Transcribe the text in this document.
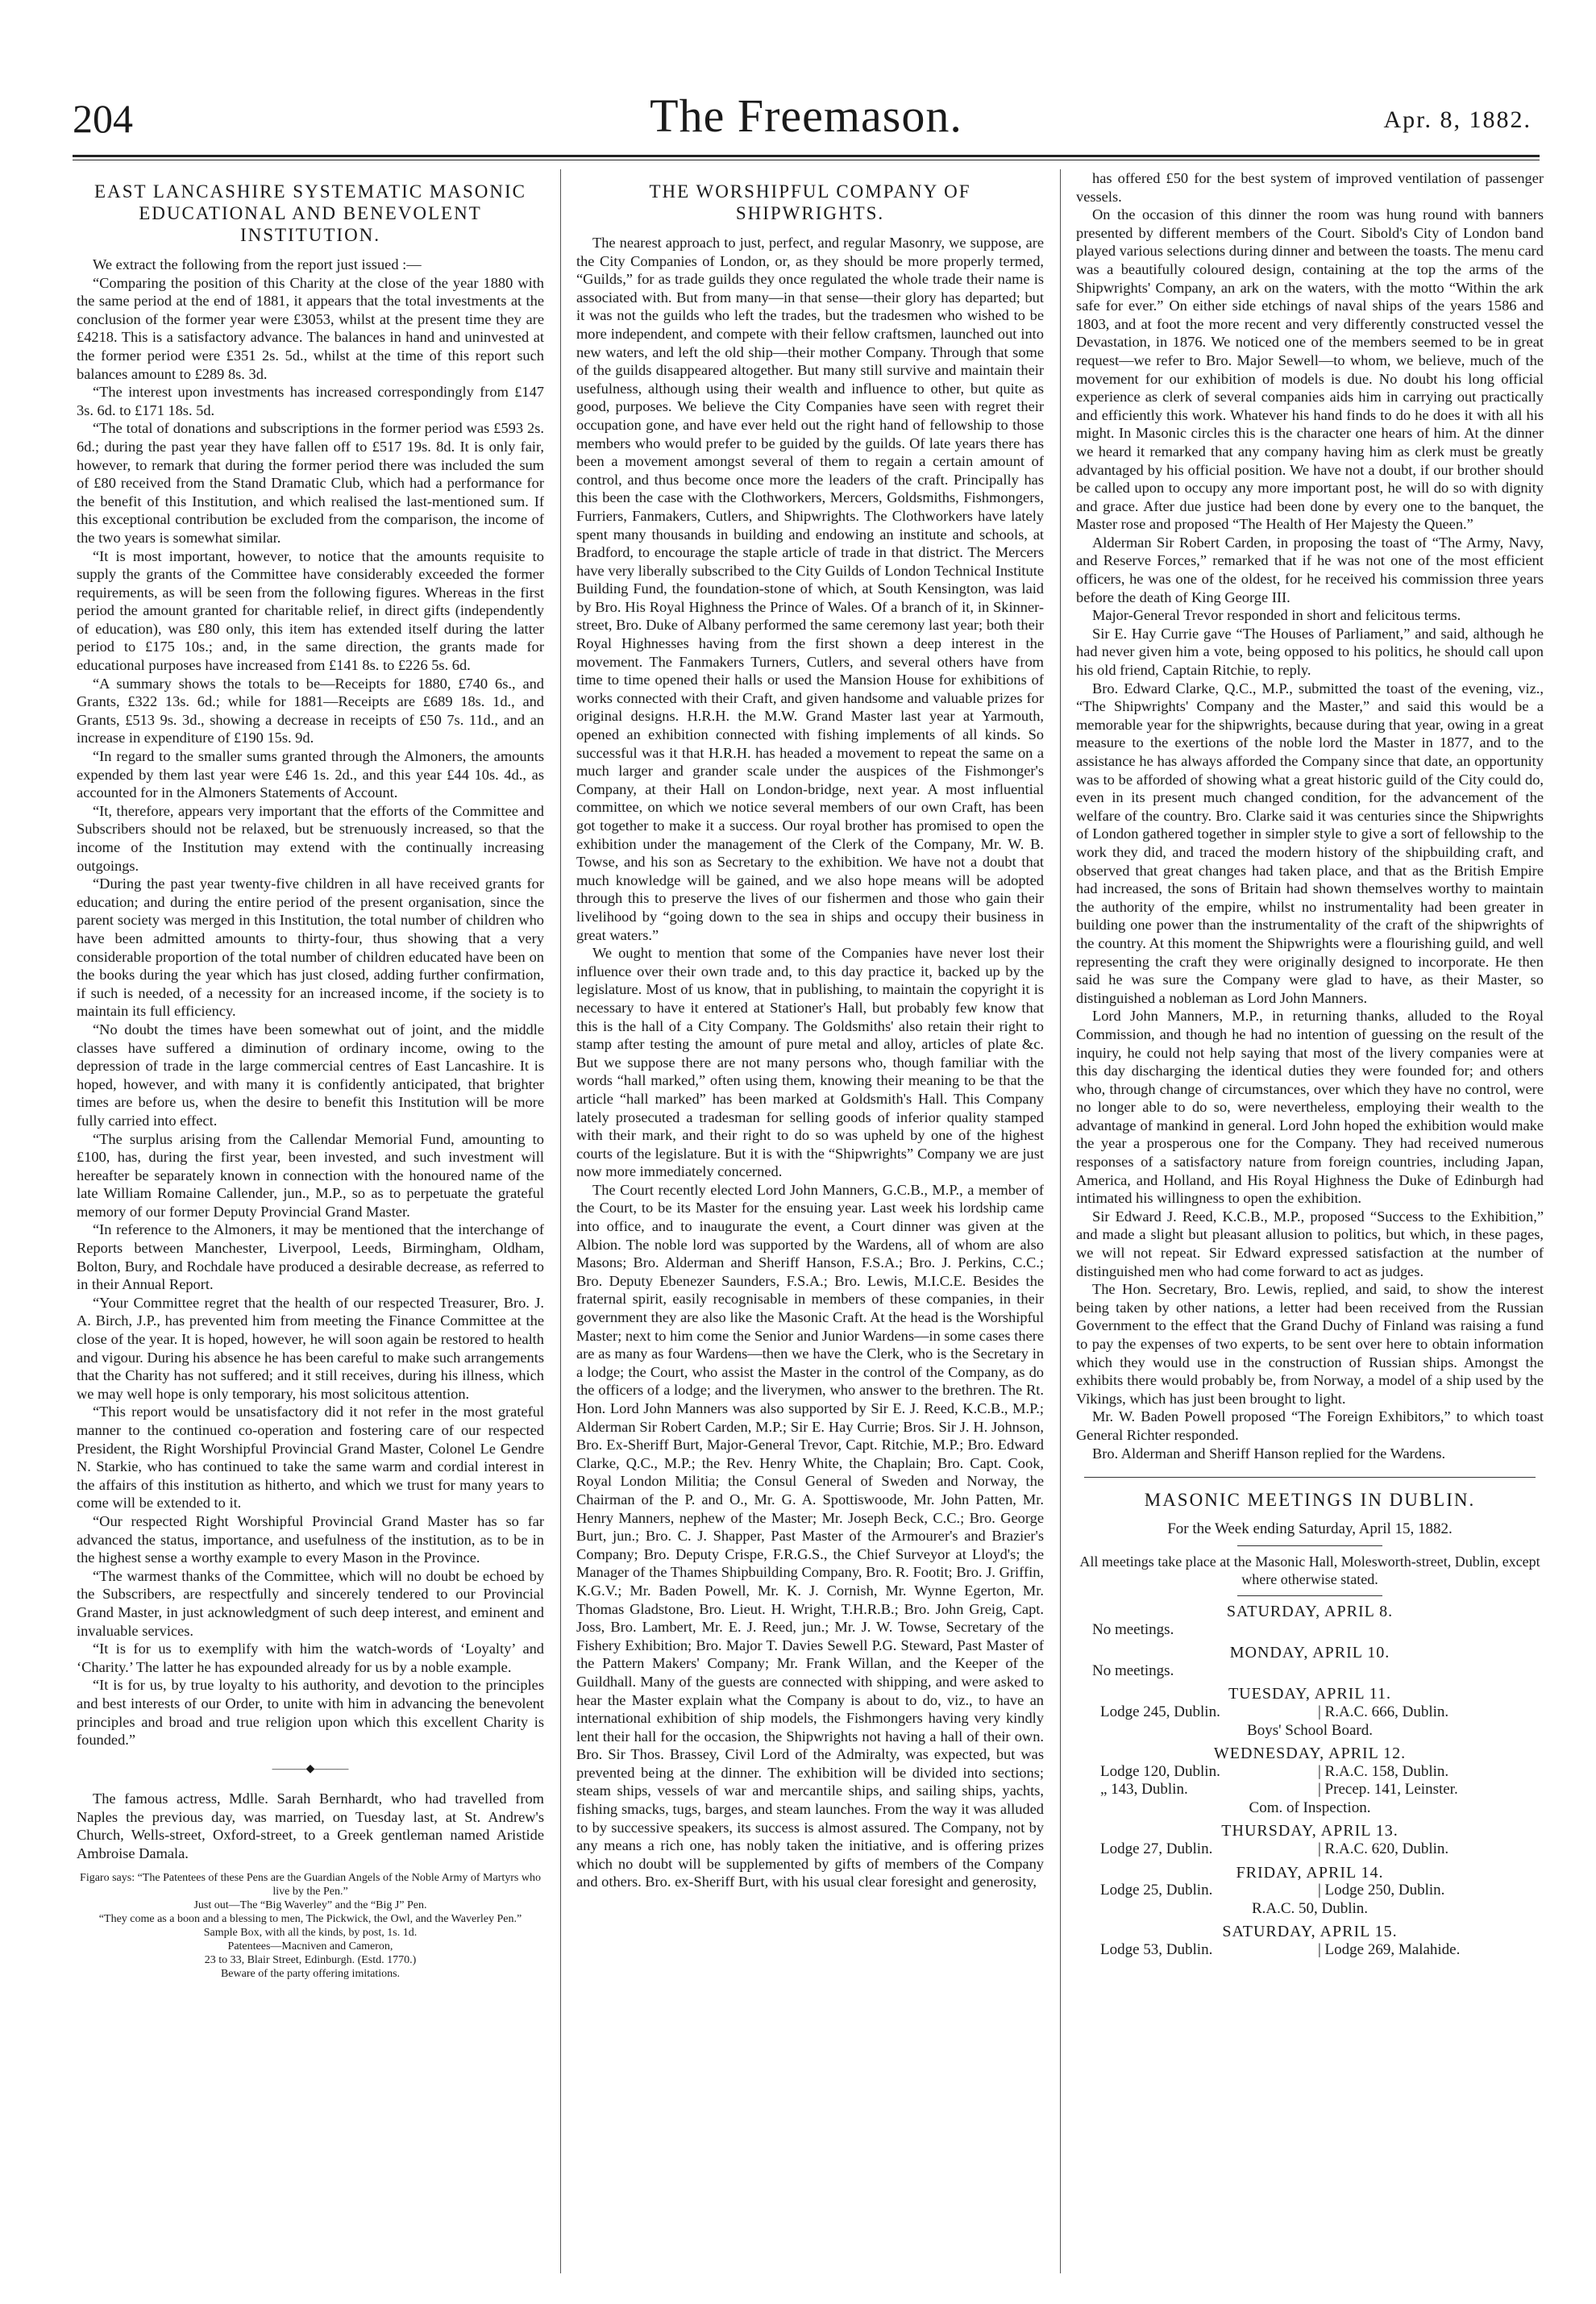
204	The Freemason.	Apr. 8, 1882.
EAST LANCASHIRE SYSTEMATIC MASONIC EDUCATIONAL AND BENEVOLENT INSTITUTION.

We extract the following from the report just issued :—

“Comparing the position of this Charity at the close of the year 1880 with the same period at the end of 1881, it appears that the total investments at the conclusion of the former year were £3053, whilst at the present time they are £4218. This is a satisfactory advance. The balances in hand and uninvested at the former period were £351 2s. 5d., whilst at the time of this report such balances amount to £289 8s. 3d.

“The interest upon investments has increased correspondingly from £147 3s. 6d. to £171 18s. 5d.

“The total of donations and subscriptions in the former period was £593 2s. 6d.; during the past year they have fallen off to £517 19s. 8d. It is only fair, however, to remark that during the former period there was included the sum of £80 received from the Stand Dramatic Club, which had a performance for the benefit of this Institution, and which realised the last-mentioned sum. If this exceptional contribution be excluded from the comparison, the income of the two years is somewhat similar.

“It is most important, however, to notice that the amounts requisite to supply the grants of the Committee have considerably exceeded the former requirements, as will be seen from the following figures. Whereas in the first period the amount granted for charitable relief, in direct gifts (independently of education), was £80 only, this item has extended itself during the latter period to £175 10s.; and, in the same direction, the grants made for educational purposes have increased from £141 8s. to £226 5s. 6d.

“A summary shows the totals to be—Receipts for 1880, £740 6s., and Grants, £322 13s. 6d.; while for 1881—Receipts are £689 18s. 1d., and Grants, £513 9s. 3d., showing a decrease in receipts of £50 7s. 11d., and an increase in expenditure of £190 15s. 9d.

“In regard to the smaller sums granted through the Almoners, the amounts expended by them last year were £46 1s. 2d., and this year £44 10s. 4d., as accounted for in the Almoners Statements of Account.

“It, therefore, appears very important that the efforts of the Committee and Subscribers should not be relaxed, but be strenuously increased, so that the income of the Institution may extend with the continually increasing outgoings.

“During the past year twenty-five children in all have received grants for education; and during the entire period of the present organisation, since the parent society was merged in this Institution, the total number of children who have been admitted amounts to thirty-four, thus showing that a very considerable proportion of the total number of children educated have been on the books during the year which has just closed, adding further confirmation, if such is needed, of a necessity for an increased income, if the society is to maintain its full efficiency.

“No doubt the times have been somewhat out of joint, and the middle classes have suffered a diminution of ordinary income, owing to the depression of trade in the large commercial centres of East Lancashire. It is hoped, however, and with many it is confidently anticipated, that brighter times are before us, when the desire to benefit this Institution will be more fully carried into effect.

“The surplus arising from the Callendar Memorial Fund, amounting to £100, has, during the first year, been invested, and such investment will hereafter be separately known in connection with the honoured name of the late William Romaine Callender, jun., M.P., so as to perpetuate the grateful memory of our former Deputy Provincial Grand Master.

“In reference to the Almoners, it may be mentioned that the interchange of Reports between Manchester, Liverpool, Leeds, Birmingham, Oldham, Bolton, Bury, and Rochdale have produced a desirable decrease, as referred to in their Annual Report.

“Your Committee regret that the health of our respected Treasurer, Bro. J. A. Birch, J.P., has prevented him from meeting the Finance Committee at the close of the year. It is hoped, however, he will soon again be restored to health and vigour. During his absence he has been careful to make such arrangements that the Charity has not suffered; and it still receives, during his illness, which we may well hope is only temporary, his most solicitous attention.

“This report would be unsatisfactory did it not refer in the most grateful manner to the continued co-operation and fostering care of our respected President, the Right Worshipful Provincial Grand Master, Colonel Le Gendre N. Starkie, who has continued to take the same warm and cordial interest in the affairs of this institution as hitherto, and which we trust for many years to come will be extended to it.

“Our respected Right Worshipful Provincial Grand Master has so far advanced the status, importance, and usefulness of the institution, as to be in the highest sense a worthy example to every Mason in the Province.

“The warmest thanks of the Committee, which will no doubt be echoed by the Subscribers, are respectfully and sincerely tendered to our Provincial Grand Master, in just acknowledgment of such deep interest, and eminent and invaluable services.

“It is for us to exemplify with him the watch-words of ‘Loyalty’ and ‘Charity.’ The latter he has expounded already for us by a noble example.

“It is for us, by true loyalty to his authority, and devotion to the principles and best interests of our Order, to unite with him in advancing the benevolent principles and broad and true religion upon which this excellent Charity is founded.”

———◆———

The famous actress, Mdlle. Sarah Bernhardt, who had travelled from Naples the previous day, was married, on Tuesday last, at St. Andrew's Church, Wells-street, Oxford-street, to a Greek gentleman named Aristide Ambroise Damala.

Figaro says: “The Patentees of these Pens are the Guardian Angels of the Noble Army of Martyrs who live by the Pen.”

Just out—The “Big Waverley” and the “Big J” Pen.

“They come as a boon and a blessing to men, The Pickwick, the Owl, and the Waverley Pen.”

Sample Box, with all the kinds, by post, 1s. 1d.

Patentees—Macniven and Cameron,

23 to 33, Blair Street, Edinburgh. (Estd. 1770.)

Beware of the party offering imitations.

THE WORSHIPFUL COMPANY OF SHIPWRIGHTS.

The nearest approach to just, perfect, and regular Masonry, we suppose, are the City Companies of London, or, as they should be more properly termed, “Guilds,” for as trade guilds they once regulated the whole trade their name is associated with. But from many—in that sense—their glory has departed; but it was not the guilds who left the trades, but the tradesmen who wished to be more independent, and compete with their fellow craftsmen, launched out into new waters, and left the old ship—their mother Company. Through that some of the guilds disappeared altogether. But many still survive and maintain their usefulness, although using their wealth and influence to other, but quite as good, purposes. We believe the City Companies have seen with regret their occupation gone, and have ever held out the right hand of fellowship to those members who would prefer to be guided by the guilds. Of late years there has been a movement amongst several of them to regain a certain amount of control, and thus become once more the leaders of the craft. Principally has this been the case with the Clothworkers, Mercers, Goldsmiths, Fishmongers, Furriers, Fanmakers, Cutlers, and Shipwrights. The Clothworkers have lately spent many thousands in building and endowing an institute and schools, at Bradford, to encourage the staple article of trade in that district. The Mercers have very liberally subscribed to the City Guilds of London Technical Institute Building Fund, the foundation-stone of which, at South Kensington, was laid by Bro. His Royal Highness the Prince of Wales. Of a branch of it, in Skinner-street, Bro. Duke of Albany performed the same ceremony last year; both their Royal Highnesses having from the first shown a deep interest in the movement. The Fanmakers Turners, Cutlers, and several others have from time to time opened their halls or used the Mansion House for exhibitions of works connected with their Craft, and given handsome and valuable prizes for original designs. H.R.H. the M.W. Grand Master last year at Yarmouth, opened an exhibition connected with fishing implements of all kinds. So successful was it that H.R.H. has headed a movement to repeat the same on a much larger and grander scale under the auspices of the Fishmonger's Company, at their Hall on London-bridge, next year. A most influential committee, on which we notice several members of our own Craft, has been got together to make it a success. Our royal brother has promised to open the exhibition under the management of the Clerk of the Company, Mr. W. B. Towse, and his son as Secretary to the exhibition. We have not a doubt that much knowledge will be gained, and we also hope means will be adopted through this to preserve the lives of our fishermen and those who gain their livelihood by “going down to the sea in ships and occupy their business in great waters.”

We ought to mention that some of the Companies have never lost their influence over their own trade and, to this day practice it, backed up by the legislature. Most of us know, that in publishing, to maintain the copyright it is necessary to have it entered at Stationer's Hall, but probably few know that this is the hall of a City Company. The Goldsmiths' also retain their right to stamp after testing the amount of pure metal and alloy, articles of plate &c. But we suppose there are not many persons who, though familiar with the words “hall marked,” often using them, knowing their meaning to be that the article “hall marked” has been marked at Goldsmith's Hall. This Company lately prosecuted a tradesman for selling goods of inferior quality stamped with their mark, and their right to do so was upheld by one of the highest courts of the legislature. But it is with the “Shipwrights” Company we are just now more immediately concerned.

The Court recently elected Lord John Manners, G.C.B., M.P., a member of the Court, to be its Master for the ensuing year. Last week his lordship came into office, and to inaugurate the event, a Court dinner was given at the Albion. The noble lord was supported by the Wardens, all of whom are also Masons; Bro. Alderman and Sheriff Hanson, F.S.A.; Bro. J. Perkins, C.C.; Bro. Deputy Ebenezer Saunders, F.S.A.; Bro. Lewis, M.I.C.E. Besides the fraternal spirit, easily recognisable in members of these companies, in their government they are also like the Masonic Craft. At the head is the Worshipful Master; next to him come the Senior and Junior Wardens—in some cases there are as many as four Wardens—then we have the Clerk, who is the Secretary in a lodge; the Court, who assist the Master in the control of the Company, as do the officers of a lodge; and the liverymen, who answer to the brethren. The Rt. Hon. Lord John Manners was also supported by Sir E. J. Reed, K.C.B., M.P.; Alderman Sir Robert Carden, M.P.; Sir E. Hay Currie; Bros. Sir J. H. Johnson, Bro. Ex-Sheriff Burt, Major-General Trevor, Capt. Ritchie, M.P.; Bro. Edward Clarke, Q.C., M.P.; the Rev. Henry White, the Chaplain; Bro. Capt. Cook, Royal London Militia; the Consul General of Sweden and Norway, the Chairman of the P. and O., Mr. G. A. Spottiswoode, Mr. John Patten, Mr. Henry Manners, nephew of the Master; Mr. Joseph Beck, C.C.; Bro. George Burt, jun.; Bro. C. J. Shapper, Past Master of the Armourer's and Brazier's Company; Bro. Deputy Crispe, F.R.G.S., the Chief Surveyor at Lloyd's; the Manager of the Thames Shipbuilding Company, Bro. R. Footit; Bro. J. Griffin, K.G.V.; Mr. Baden Powell, Mr. K. J. Cornish, Mr. Wynne Egerton, Mr. Thomas Gladstone, Bro. Lieut. H. Wright, T.H.R.B.; Bro. John Greig, Capt. Joss, Bro. Lambert, Mr. E. J. Reed, jun.; Mr. J. W. Towse, Secretary of the Fishery Exhibition; Bro. Major T. Davies Sewell P.G. Steward, Past Master of the Pattern Makers' Company; Mr. Frank Willan, and the Keeper of the Guildhall. Many of the guests are connected with shipping, and were asked to hear the Master explain what the Company is about to do, viz., to have an international exhibition of ship models, the Fishmongers having very kindly lent their hall for the occasion, the Shipwrights not having a hall of their own. Bro. Sir Thos. Brassey, Civil Lord of the Admiralty, was expected, but was prevented being at the dinner. The exhibition will be divided into sections; steam ships, vessels of war and mercantile ships, and sailing ships, yachts, fishing smacks, tugs, barges, and steam launches. From the way it was alluded to by successive speakers, its success is almost assured. The Company, not by any means a rich one, has nobly taken the initiative, and is offering prizes which no doubt will be supplemented by gifts of members of the Company and others. Bro. ex-Sheriff Burt, with his usual clear foresight and generosity,

has offered £50 for the best system of improved ventilation of passenger vessels.

On the occasion of this dinner the room was hung round with banners presented by different members of the Court. Sibold's City of London band played various selections during dinner and between the toasts. The menu card was a beautifully coloured design, containing at the top the arms of the Shipwrights' Company, an ark on the waters, with the motto “Within the ark safe for ever.” On either side etchings of naval ships of the years 1586 and 1803, and at foot the more recent and very differently constructed vessel the Devastation, in 1876. We noticed one of the members seemed to be in great request—we refer to Bro. Major Sewell—to whom, we believe, much of the movement for our exhibition of models is due. No doubt his long official experience as clerk of several companies aids him in carrying out practically and efficiently this work. Whatever his hand finds to do he does it with all his might. In Masonic circles this is the character one hears of him. At the dinner we heard it remarked that any company having him as clerk must be greatly advantaged by his official position. We have not a doubt, if our brother should be called upon to occupy any more important post, he will do so with dignity and grace. After due justice had been done by every one to the banquet, the Master rose and proposed “The Health of Her Majesty the Queen.”

Alderman Sir Robert Carden, in proposing the toast of “The Army, Navy, and Reserve Forces,” remarked that if he was not one of the most efficient officers, he was one of the oldest, for he received his commission three years before the death of King George III.

Major-General Trevor responded in short and felicitous terms.

Sir E. Hay Currie gave “The Houses of Parliament,” and said, although he had never given him a vote, being opposed to his politics, he should call upon his old friend, Captain Ritchie, to reply.

Bro. Edward Clarke, Q.C., M.P., submitted the toast of the evening, viz., “The Shipwrights' Company and the Master,” and said this would be a memorable year for the shipwrights, because during that year, owing in a great measure to the exertions of the noble lord the Master in 1877, and to the assistance he has always afforded the Company since that date, an opportunity was to be afforded of showing what a great historic guild of the City could do, even in its present much changed condition, for the advancement of the welfare of the country. Bro. Clarke said it was centuries since the Shipwrights of London gathered together in simpler style to give a sort of fellowship to the work they did, and traced the modern history of the shipbuilding craft, and observed that great changes had taken place, and that as the British Empire had increased, the sons of Britain had shown themselves worthy to maintain the authority of the empire, whilst no instrumentality had been greater in building one power than the instrumentality of the craft of the shipwrights of the country. At this moment the Shipwrights were a flourishing guild, and well representing the craft they were originally designed to incorporate. He then said he was sure the Company were glad to have, as their Master, so distinguished a nobleman as Lord John Manners.

Lord John Manners, M.P., in returning thanks, alluded to the Royal Commission, and though he had no intention of guessing on the result of the inquiry, he could not help saying that most of the livery companies were at this day discharging the identical duties they were founded for; and others who, through change of circumstances, over which they have no control, were no longer able to do so, were nevertheless, employing their wealth to the advantage of mankind in general. Lord John hoped the exhibition would make the year a prosperous one for the Company. They had received numerous responses of a satisfactory nature from foreign countries, including Japan, America, and Holland, and His Royal Highness the Duke of Edinburgh had intimated his willingness to open the exhibition.

Sir Edward J. Reed, K.C.B., M.P., proposed “Success to the Exhibition,” and made a slight but pleasant allusion to politics, but which, in these pages, we will not repeat. Sir Edward expressed satisfaction at the number of distinguished men who had come forward to act as judges.

The Hon. Secretary, Bro. Lewis, replied, and said, to show the interest being taken by other nations, a letter had been received from the Russian Government to the effect that the Grand Duchy of Finland was raising a fund to pay the expenses of two experts, to be sent over here to obtain information which they would use in the construction of Russian ships. Amongst the exhibits there would probably be, from Norway, a model of a ship used by the Vikings, which has just been brought to light.

Mr. W. Baden Powell proposed “The Foreign Exhibitors,” to which toast General Richter responded.

Bro. Alderman and Sheriff Hanson replied for the Wardens.

MASONIC MEETINGS IN DUBLIN.
For the Week ending Saturday, April 15, 1882.

All meetings take place at the Masonic Hall, Molesworth-street, Dublin, except where otherwise stated.

SATURDAY, APRIL 8.
No meetings.
MONDAY, APRIL 10.
No meetings.
TUESDAY, APRIL 11.
Lodge 245, Dublin.	| R.A.C. 666, Dublin.
Boys' School Board.
WEDNESDAY, APRIL 12.
Lodge 120, Dublin.	| R.A.C. 158, Dublin.
„ 143, Dublin.	| Precep. 141, Leinster.
Com. of Inspection.
THURSDAY, APRIL 13.
Lodge 27, Dublin.	| R.A.C. 620, Dublin.
FRIDAY, APRIL 14.
Lodge 25, Dublin.	| Lodge 250, Dublin.
R.A.C. 50, Dublin.
SATURDAY, APRIL 15.
Lodge 53, Dublin.	| Lodge 269, Malahide.
